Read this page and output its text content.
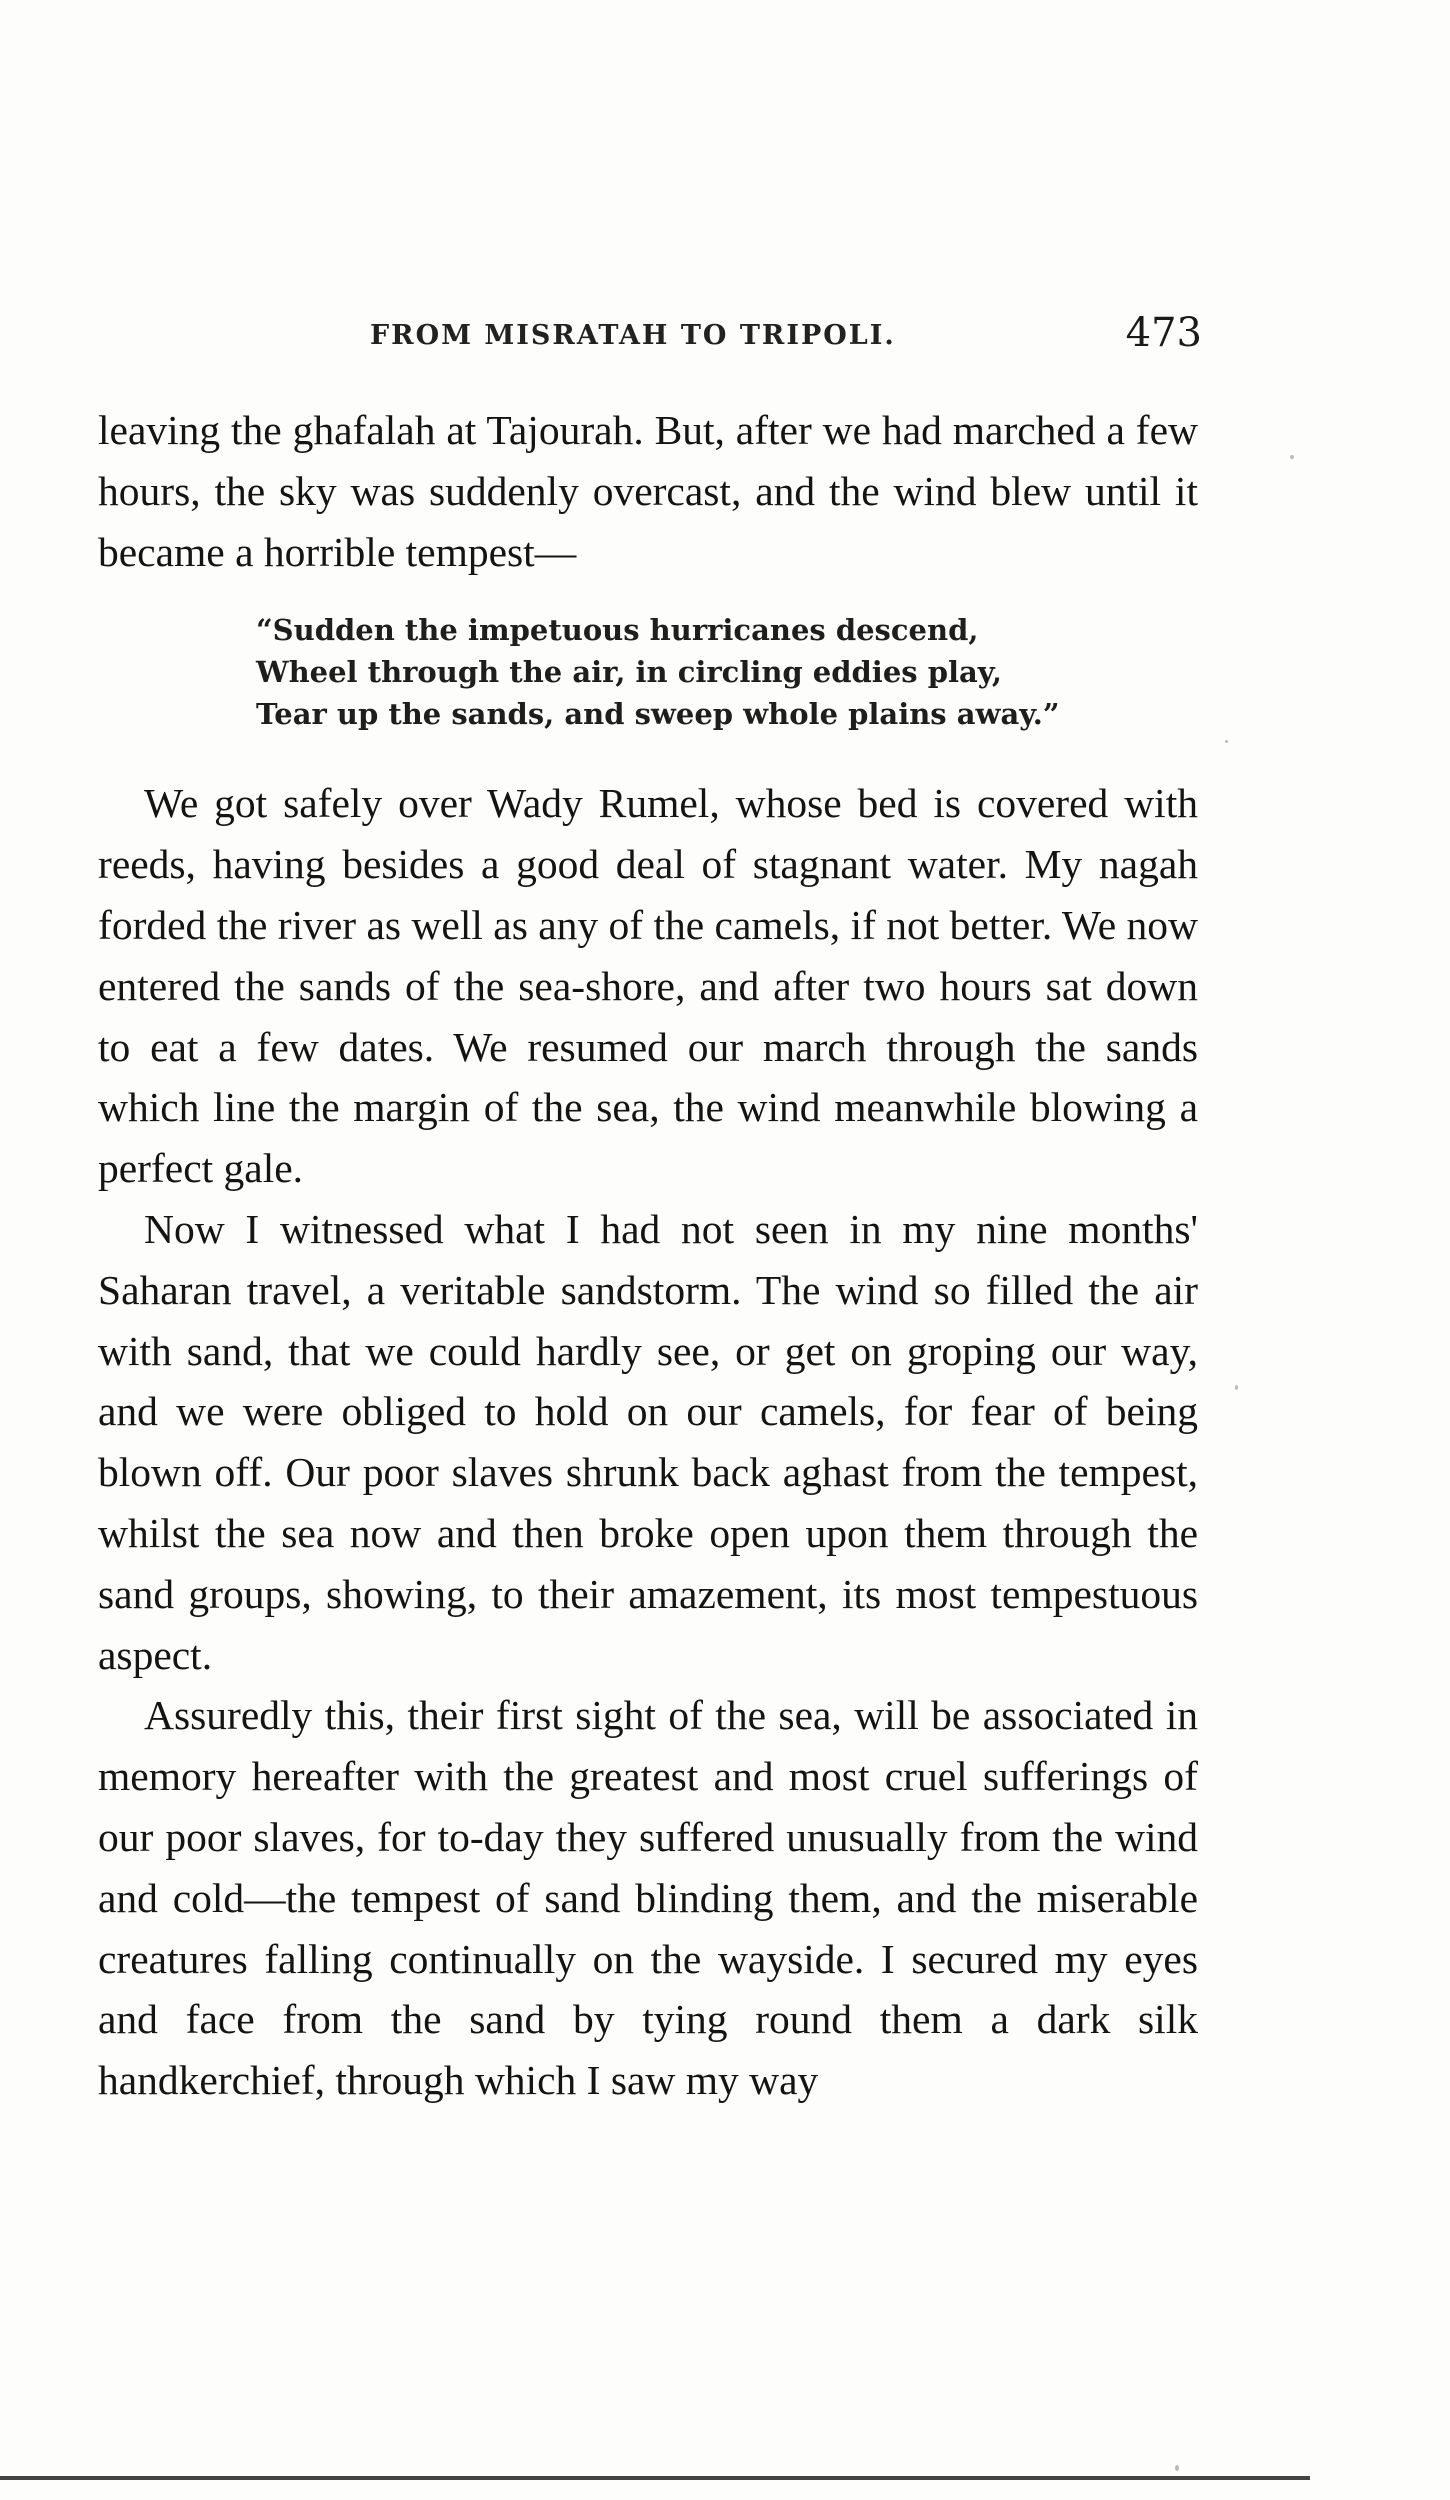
FROM MISRATAH TO TRIPOLI.	473

leaving the ghafalah at Tajourah. But, after we had marched a few hours, the sky was suddenly overcast, and the wind blew until it became a horrible tempest—

“Sudden the impetuous hurricanes descend,
Wheel through the air, in circling eddies play,
Tear up the sands, and sweep whole plains away.”

We got safely over Wady Rumel, whose bed is covered with reeds, having besides a good deal of stagnant water. My nagah forded the river as well as any of the camels, if not better. We now entered the sands of the sea-shore, and after two hours sat down to eat a few dates. We resumed our march through the sands which line the margin of the sea, the wind meanwhile blowing a perfect gale.

Now I witnessed what I had not seen in my nine months' Saharan travel, a veritable sandstorm. The wind so filled the air with sand, that we could hardly see, or get on groping our way, and we were obliged to hold on our camels, for fear of being blown off. Our poor slaves shrunk back aghast from the tempest, whilst the sea now and then broke open upon them through the sand groups, showing, to their amazement, its most tempestuous aspect.

Assuredly this, their first sight of the sea, will be associated in memory hereafter with the greatest and most cruel sufferings of our poor slaves, for to-day they suffered unusually from the wind and cold—the tempest of sand blinding them, and the miserable creatures falling continually on the wayside. I secured my eyes and face from the sand by tying round them a dark silk handkerchief, through which I saw my way
